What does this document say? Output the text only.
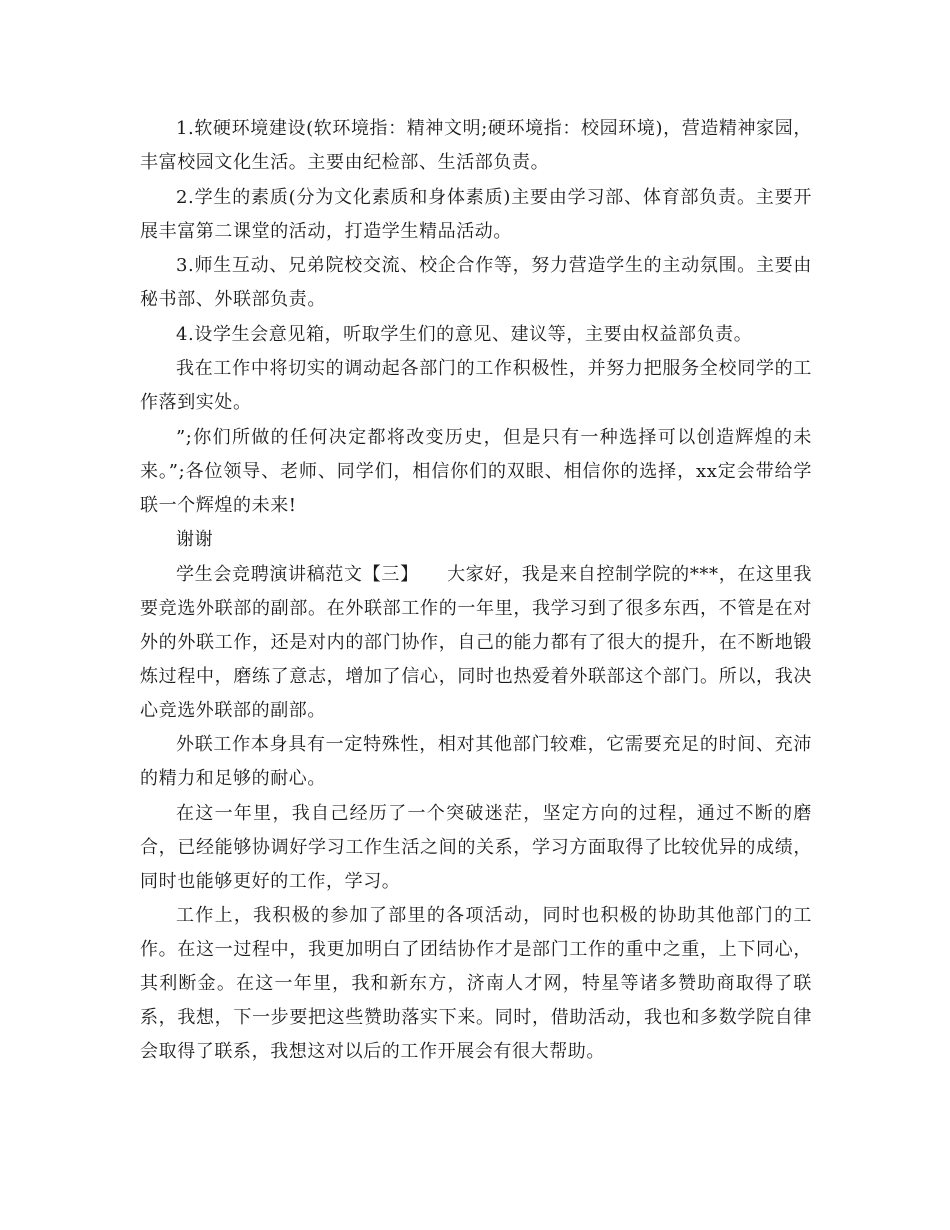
1.软硬环境建设(软环境指：精神文明;硬环境指：校园环境)，营造精神家园，丰富校园文化生活。主要由纪检部、生活部负责。

2.学生的素质(分为文化素质和身体素质)主要由学习部、体育部负责。主要开展丰富第二课堂的活动，打造学生精品活动。

3.师生互动、兄弟院校交流、校企合作等，努力营造学生的主动氛围。主要由秘书部、外联部负责。

4.设学生会意见箱，听取学生们的意见、建议等，主要由权益部负责。

我在工作中将切实的调动起各部门的工作积极性，并努力把服务全校同学的工作落到实处。

”;你们所做的任何决定都将改变历史，但是只有一种选择可以创造辉煌的未来。”;各位领导、老师、同学们，相信你们的双眼、相信你的选择，xx定会带给学联一个辉煌的未来!

谢谢

学生会竞聘演讲稿范文【三】　　大家好，我是来自控制学院的***，在这里我要竞选外联部的副部。在外联部工作的一年里，我学习到了很多东西，不管是在对外的外联工作，还是对内的部门协作，自己的能力都有了很大的提升，在不断地锻炼过程中，磨练了意志，增加了信心，同时也热爱着外联部这个部门。所以，我决心竞选外联部的副部。

外联工作本身具有一定特殊性，相对其他部门较难，它需要充足的时间、充沛的精力和足够的耐心。

在这一年里，我自己经历了一个突破迷茫，坚定方向的过程，通过不断的磨合，已经能够协调好学习工作生活之间的关系，学习方面取得了比较优异的成绩，同时也能够更好的工作，学习。

工作上，我积极的参加了部里的各项活动，同时也积极的协助其他部门的工作。在这一过程中，我更加明白了团结协作才是部门工作的重中之重，上下同心，其利断金。在这一年里，我和新东方，济南人才网，特星等诸多赞助商取得了联系，我想，下一步要把这些赞助落实下来。同时，借助活动，我也和多数学院自律会取得了联系，我想这对以后的工作开展会有很大帮助。
